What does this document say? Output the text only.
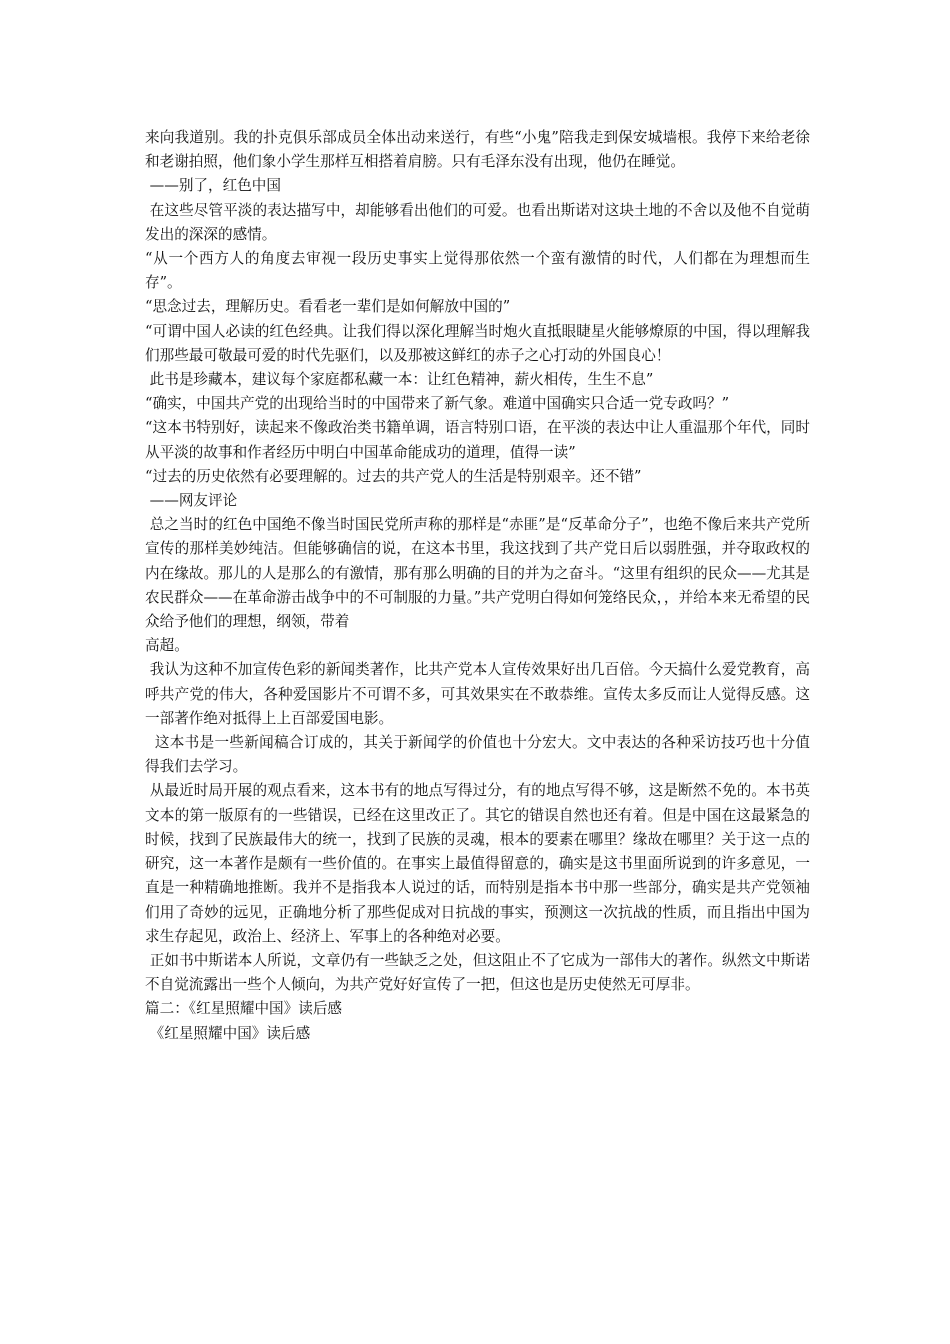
来向我道别。我的扑克俱乐部成员全体出动来送行，有些“小鬼”陪我走到保安城墙根。我停下来给老徐和老谢拍照，他们象小学生那样互相搭着肩膀。只有毛泽东没有出现，他仍在睡觉。

——别了，红色中国

在这些尽管平淡的表达描写中，却能够看出他们的可爱。也看出斯诺对这块土地的不舍以及他不自觉萌发出的深深的感情。

“从一个西方人的角度去审视一段历史事实上觉得那依然一个蛮有激情的时代，人们都在为理想而生存”。

“思念过去，理解历史。看看老一辈们是如何解放中国的”

“可谓中国人必读的红色经典。让我们得以深化理解当时炮火直抵眼睫星火能够燎原的中国，得以理解我们那些最可敬最可爱的时代先驱们，以及那被这鲜红的赤子之心打动的外国良心！

此书是珍藏本，建议每个家庭都私藏一本：让红色精神，薪火相传，生生不息”

“确实，中国共产党的出现给当时的中国带来了新气象。难道中国确实只合适一党专政吗？”

“这本书特别好，读起来不像政治类书籍单调，语言特别口语，在平淡的表达中让人重温那个年代，同时从平淡的故事和作者经历中明白中国革命能成功的道理，值得一读”

“过去的历史依然有必要理解的。过去的共产党人的生活是特别艰辛。还不错”

——网友评论

总之当时的红色中国绝不像当时国民党所声称的那样是“赤匪”是“反革命分子”，也绝不像后来共产党所宣传的那样美妙纯洁。但能够确信的说，在这本书里，我这找到了共产党日后以弱胜强，并夺取政权的内在缘故。那儿的人是那么的有激情，那有那么明确的目的并为之奋斗。“这里有组织的民众——尤其是农民群众——在革命游击战争中的不可制服的力量。”共产党明白得如何笼络民众，，并给本来无希望的民众给予他们的理想，纲领，带着

高超。

我认为这种不加宣传色彩的新闻类著作，比共产党本人宣传效果好出几百倍。今天搞什么爱党教育，高呼共产党的伟大，各种爱国影片不可谓不多，可其效果实在不敢恭维。宣传太多反而让人觉得反感。这一部著作绝对抵得上上百部爱国电影。

这本书是一些新闻稿合订成的，其关于新闻学的价值也十分宏大。文中表达的各种采访技巧也十分值得我们去学习。

从最近时局开展的观点看来，这本书有的地点写得过分，有的地点写得不够，这是断然不免的。本书英文本的第一版原有的一些错误，已经在这里改正了。其它的错误自然也还有着。但是中国在这最紧急的时候，找到了民族最伟大的统一，找到了民族的灵魂，根本的要素在哪里？缘故在哪里？关于这一点的研究，这一本著作是颇有一些价值的。在事实上最值得留意的，确实是这书里面所说到的许多意见，一直是一种精确地推断。我并不是指我本人说过的话，而特别是指本书中那一些部分，确实是共产党领袖们用了奇妙的远见，正确地分析了那些促成对日抗战的事实，预测这一次抗战的性质，而且指出中国为求生存起见，政治上、经济上、军事上的各种绝对必要。

正如书中斯诺本人所说，文章仍有一些缺乏之处，但这阻止不了它成为一部伟大的著作。纵然文中斯诺不自觉流露出一些个人倾向，为共产党好好宣传了一把，但这也是历史使然无可厚非。

篇二：《红星照耀中国》读后感

《红星照耀中国》读后感
